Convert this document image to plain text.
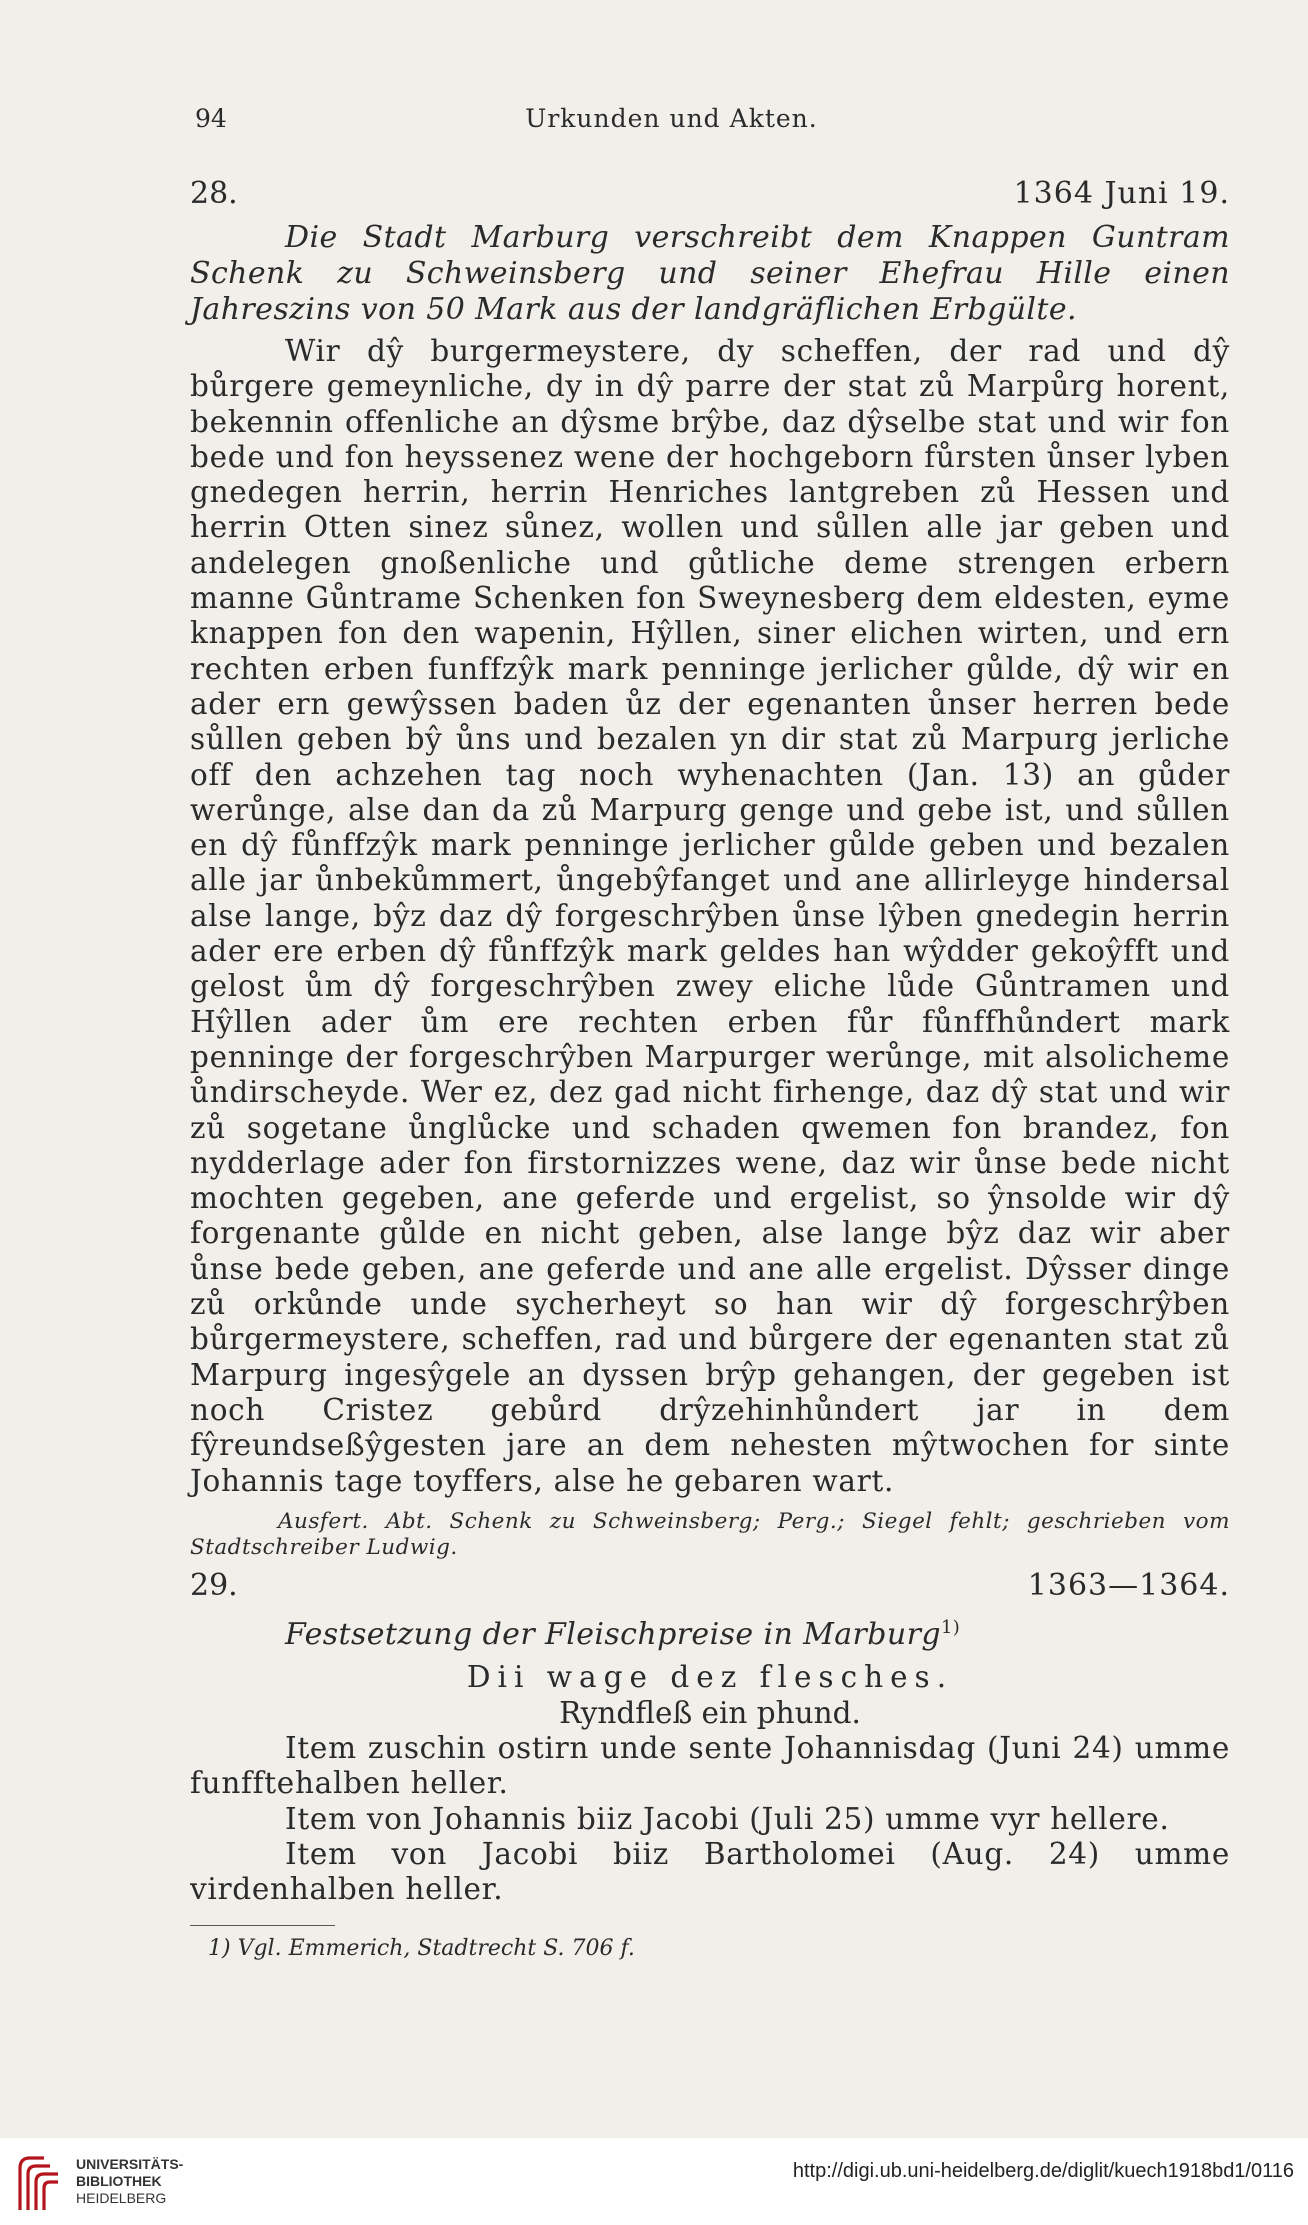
94	Urkunden und Akten.
28.	1364 Juni 19.

Die Stadt Marburg verschreibt dem Knappen Guntram Schenk zu Schweinsberg und seiner Ehefrau Hille einen Jahreszins von 50 Mark aus der landgräflichen Erbgülte.

Wir dŷ burgermeystere, dy scheffen, der rad und dŷ bůrgere gemeynliche, dy in dŷ parre der stat zů Marpůrg horent, bekennin offenliche an dŷsme brŷbe, daz dŷselbe stat und wir fon bede und fon heyssenez wene der hochgeborn fůrsten ůnser lyben gnedegen herrin, herrin Henriches lantgreben zů Hessen und herrin Otten sinez sůnez, wollen und sůllen alle jar geben und andelegen gnoßenliche und gůtliche deme strengen erbern manne Gůntrame Schenken fon Sweynesberg dem eldesten, eyme knappen fon den wapenin, Hŷllen, siner elichen wirten, und ern rechten erben funffzŷk mark penninge jerlicher gůlde, dŷ wir en ader ern gewŷssen baden ůz der egenanten ůnser herren bede sůllen geben bŷ ůns und bezalen yn dir stat zů Marpurg jerliche off den achzehen tag noch wyhenachten (Jan. 13) an gůder werůnge, alse dan da zů Marpurg genge und gebe ist, und sůllen en dŷ fůnffzŷk mark penninge jerlicher gůlde geben und bezalen alle jar ůnbekůmmert, ůngebŷfanget und ane allirleyge hindersal alse lange, bŷz daz dŷ forgeschrŷben ůnse lŷben gnedegin herrin ader ere erben dŷ fůnffzŷk mark geldes han wŷdder gekoŷfft und gelost ům dŷ forgeschrŷben zwey eliche lůde Gůntramen und Hŷllen ader ům ere rechten erben fůr fůnffhůndert mark penninge der forgeschrŷben Marpurger werůnge, mit alsolicheme ůndirscheyde. Wer ez, dez gad nicht firhenge, daz dŷ stat und wir zů sogetane ůnglůcke und schaden qwemen fon brandez, fon nydderlage ader fon firstornizzes wene, daz wir ůnse bede nicht mochten gegeben, ane geferde und ergelist, so ŷnsolde wir dŷ forgenante gůlde en nicht geben, alse lange bŷz daz wir aber ůnse bede geben, ane geferde und ane alle ergelist. Dŷsser dinge zů orkůnde unde sycherheyt so han wir dŷ forgeschrŷben bůrgermeystere, scheffen, rad und bůrgere der egenanten stat zů Marpurg ingesŷgele an dyssen brŷp gehangen, der gegeben ist noch Cristez gebůrd drŷzehinhůndert jar in dem fŷreundseßŷgesten jare an dem nehesten mŷtwochen for sinte Johannis tage toyffers, alse he gebaren wart.

Ausfert. Abt. Schenk zu Schweinsberg; Perg.; Siegel fehlt; geschrieben vom Stadtschreiber Ludwig.

29.	1363—1364.

Festsetzung der Fleischpreise in Marburg$^{1)}$

Dii wage dez flesches.
Ryndfleß ein phund.

Item zuschin ostirn unde sente Johannisdag (Juni 24) umme funfftehalben heller.

Item von Johannis biiz Jacobi (Juli 25) umme vyr hellere.

Item von Jacobi biiz Bartholomei (Aug. 24) umme virdenhalben heller.

1) Vgl. Emmerich, Stadtrecht S. 706 f.
UNIVERSITÄTS-
BIBLIOTHEK
HEIDELBERG
http://digi.ub.uni-heidelberg.de/diglit/kuech1918bd1/0116
